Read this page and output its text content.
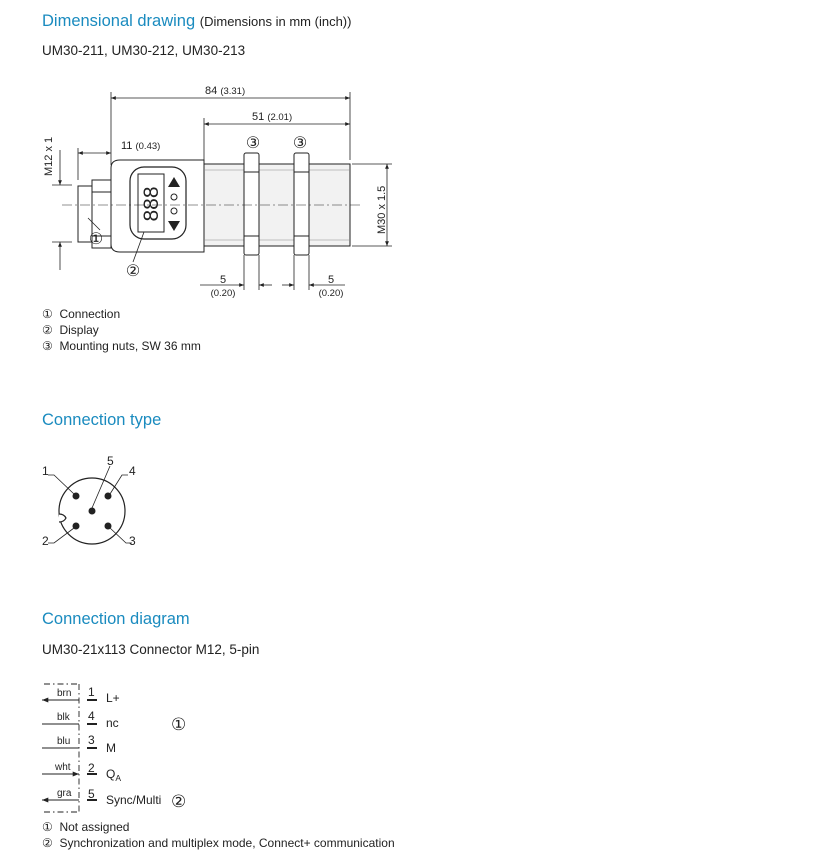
Dimensional drawing (Dimensions in mm (inch))
UM30-211, UM30-212, UM30-213
888
84 (3.31)
51 (2.01)
11 (0.43)
M12 x 1
M30 x 1.5
5
(0.20)
5
(0.20)
③ ③
①
②
① Connection
② Display
③ Mounting nuts, SW 36 mm
Connection type
1	4
5
2	3
Connection diagram
UM30-21x113 Connector M12, 5-pin
brn
blk
blu
wht
gra
1
4
3
2
5
L+
nc
M
$Q_A$
Sync/Multi
①
②
① Not assigned
② Synchronization and multiplex mode, Connect+ communication
